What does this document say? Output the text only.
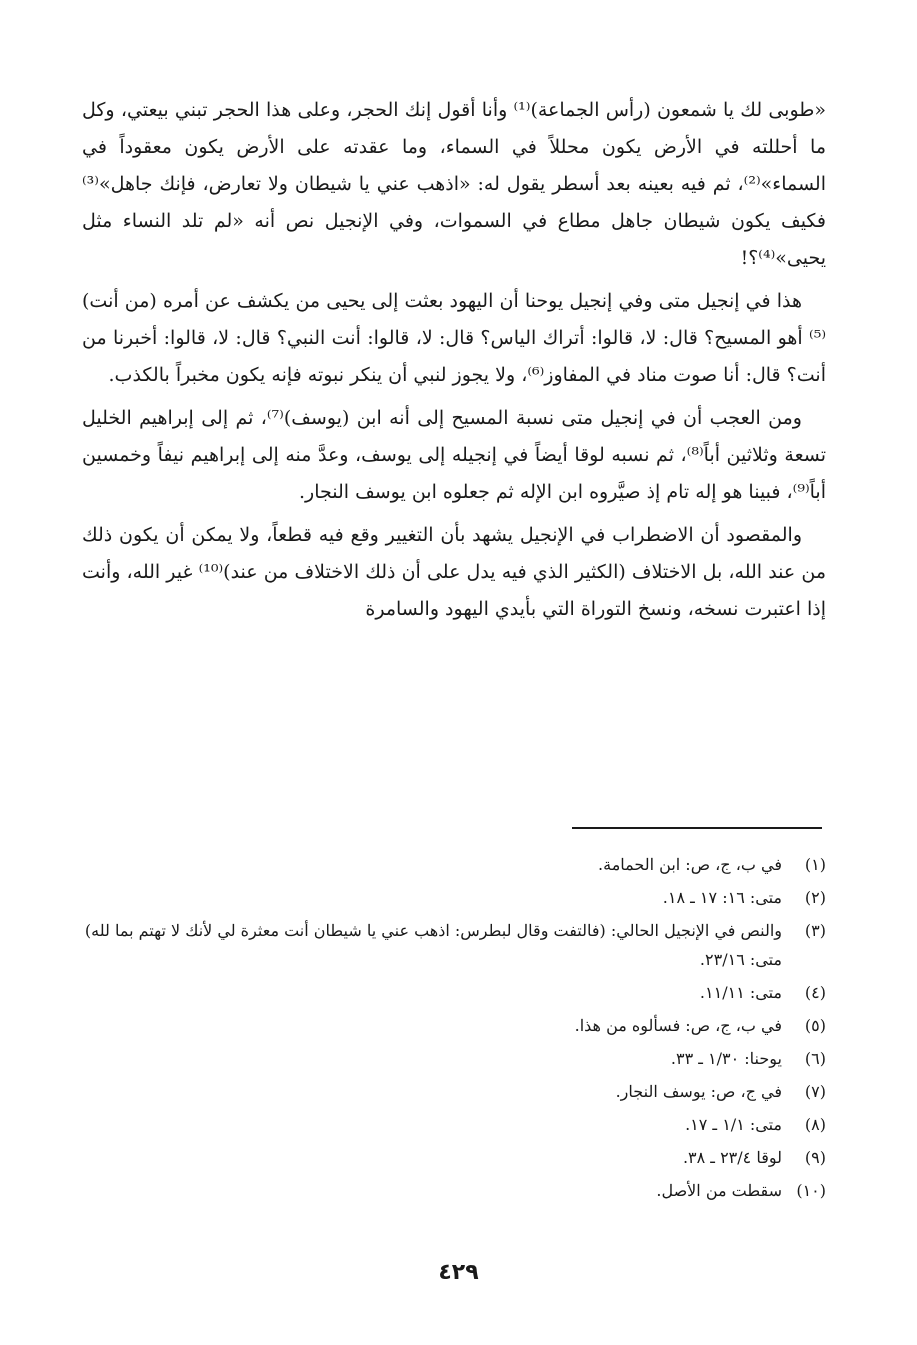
«طوبى لك يا شمعون (رأس الجماعة)⁽¹⁾ وأنا أقول إنك الحجر، وعلى هذا الحجر تبني بيعتي، وكل ما أحللته في الأرض يكون محللاً في السماء، وما عقدته على الأرض يكون معقوداً في السماء»⁽²⁾، ثم فيه بعينه بعد أسطر يقول له: «اذهب عني يا شيطان ولا تعارض، فإنك جاهل»⁽³⁾ فكيف يكون شيطان جاهل مطاع في السموات، وفي الإنجيل نص أنه «لم تلد النساء مثل يحيى»⁽⁴⁾؟!

هذا في إنجيل متى وفي إنجيل يوحنا أن اليهود بعثت إلى يحيى من يكشف عن أمره (من أنت)⁽⁵⁾ أهو المسيح؟ قال: لا، قالوا: أتراك الياس؟ قال: لا، قالوا: أنت النبي؟ قال: لا، قالوا: أخبرنا من أنت؟ قال: أنا صوت مناد في المفاوز⁽⁶⁾، ولا يجوز لنبي أن ينكر نبوته فإنه يكون مخبراً بالكذب.

ومن العجب أن في إنجيل متى نسبة المسيح إلى أنه ابن (يوسف)⁽⁷⁾، ثم إلى إبراهيم الخليل تسعة وثلاثين أباً⁽⁸⁾، ثم نسبه لوقا أيضاً في إنجيله إلى يوسف، وعدَّ منه إلى إبراهيم نيفاً وخمسين أباً⁽⁹⁾، فبينا هو إله تام إذ صيَّروه ابن الإله ثم جعلوه ابن يوسف النجار.

والمقصود أن الاضطراب في الإنجيل يشهد بأن التغيير وقع فيه قطعاً، ولا يمكن أن يكون ذلك من عند الله، بل الاختلاف (الكثير الذي فيه يدل على أن ذلك الاختلاف من عند)⁽¹⁰⁾ غير الله، وأنت إذا اعتبرت نسخه، ونسخ التوراة التي بأيدي اليهود والسامرة

(١)
في ب، ج، ص: ابن الحمامة.
(٢)
متى: ١٦: ١٧ ـ ١٨.
(٣)
والنص في الإنجيل الحالي: (فالتفت وقال لبطرس: اذهب عني يا شيطان أنت معثرة لي لأنك لا تهتم بما لله) متى: ٢٣/١٦.
(٤)
متى: ١١/١١.
(٥)
في ب، ج، ص: فسألوه من هذا.
(٦)
يوحنا: ١/٣٠ ـ ٣٣.
(٧)
في ج، ص: يوسف النجار.
(٨)
متى: ١/١ ـ ١٧.
(٩)
لوقا ٢٣/٤ ـ ٣٨.
(١٠)
سقطت من الأصل.
٤٢٩
